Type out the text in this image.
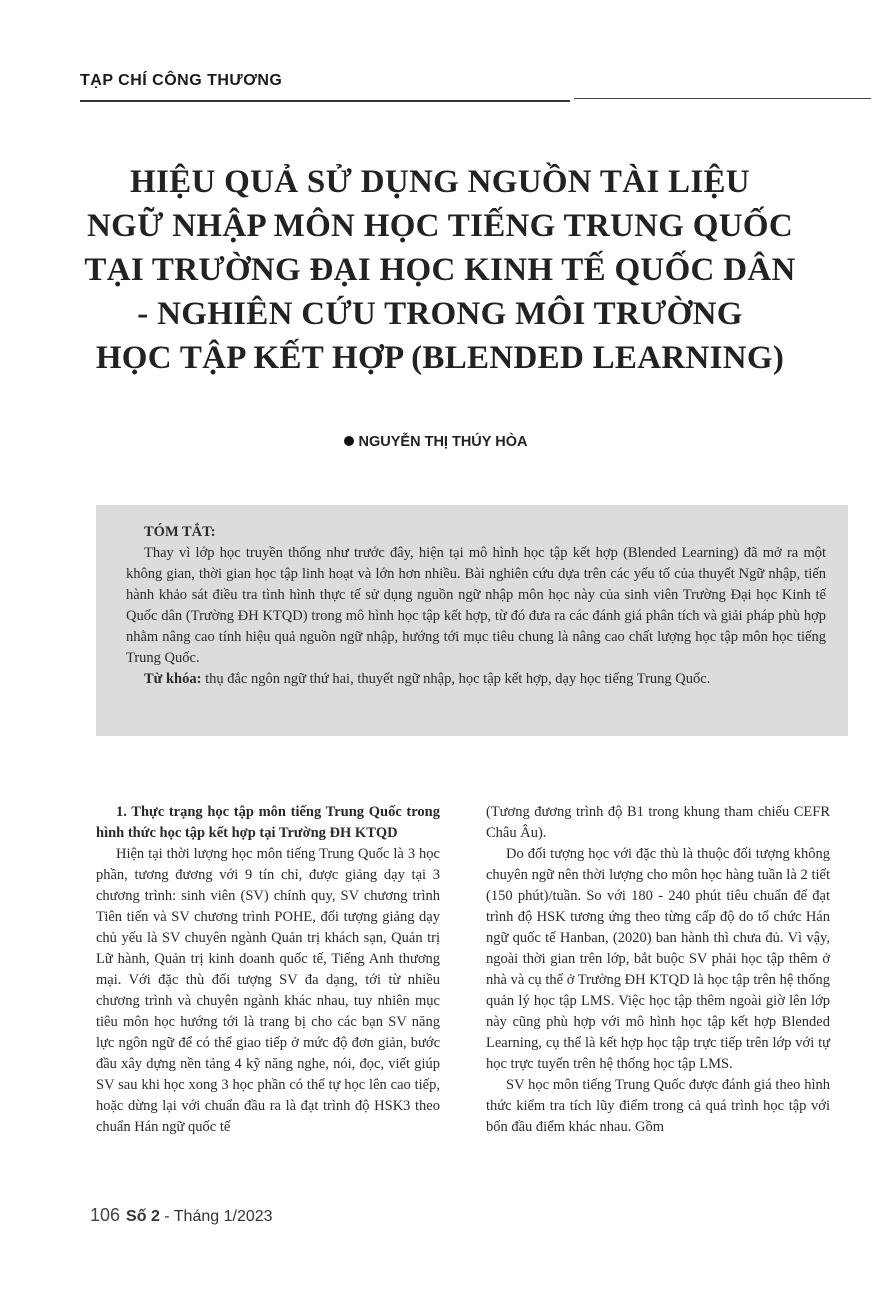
TẠP CHÍ CÔNG THƯƠNG
HIỆU QUẢ SỬ DỤNG NGUỒN TÀI LIỆU
NGỮ NHẬP MÔN HỌC TIẾNG TRUNG QUỐC
TẠI TRƯỜNG ĐẠI HỌC KINH TẾ QUỐC DÂN
- NGHIÊN CỨU TRONG MÔI TRƯỜNG
HỌC TẬP KẾT HỢP (BLENDED LEARNING)
NGUYỄN THỊ THÚY HÒA
TÓM TẮT:
Thay vì lớp học truyền thống như trước đây, hiện tại mô hình học tập kết hợp (Blended Learning) đã mở ra một không gian, thời gian học tập linh hoạt và lớn hơn nhiều. Bài nghiên cứu dựa trên các yếu tố của thuyết Ngữ nhập, tiến hành khảo sát điều tra tình hình thực tế sử dụng nguồn ngữ nhập môn học này của sinh viên Trường Đại học Kinh tế Quốc dân (Trường ĐH KTQD) trong mô hình học tập kết hợp, từ đó đưa ra các đánh giá phân tích và giải pháp phù hợp nhằm nâng cao tính hiệu quả nguồn ngữ nhập, hướng tới mục tiêu chung là nâng cao chất lượng học tập môn học tiếng Trung Quốc.
Từ khóa: thụ đắc ngôn ngữ thứ hai, thuyết ngữ nhập, học tập kết hợp, dạy học tiếng Trung Quốc.

1. Thực trạng học tập môn tiếng Trung Quốc trong hình thức học tập kết hợp tại Trường ĐH KTQD

Hiện tại thời lượng học môn tiếng Trung Quốc là 3 học phần, tương đương với 9 tín chỉ, được giảng dạy tại 3 chương trình: sinh viên (SV) chính quy, SV chương trình Tiên tiến và SV chương trình POHE, đối tượng giảng dạy chủ yếu là SV chuyên ngành Quản trị khách sạn, Quản trị Lữ hành, Quản trị kinh doanh quốc tế, Tiếng Anh thương mại. Với đặc thù đối tượng SV đa dạng, tới từ nhiều chương trình và chuyên ngành khác nhau, tuy nhiên mục tiêu môn học hướng tới là trang bị cho các bạn SV năng lực ngôn ngữ để có thể giao tiếp ở mức độ đơn giản, bước đầu xây dựng nền tảng 4 kỹ năng nghe, nói, đọc, viết giúp SV sau khi học xong 3 học phần có thể tự học lên cao tiếp, hoặc dừng lại với chuẩn đầu ra là đạt trình độ HSK3 theo chuẩn Hán ngữ quốc tế

(Tương đương trình độ B1 trong khung tham chiếu CEFR Châu Âu).

Do đối tượng học với đặc thù là thuộc đối tượng không chuyên ngữ nên thời lượng cho môn học hàng tuần là 2 tiết (150 phút)/tuần. So với 180 - 240 phút tiêu chuẩn để đạt trình độ HSK tương ứng theo từng cấp độ do tổ chức Hán ngữ quốc tế Hanban, (2020) ban hành thì chưa đủ. Vì vậy, ngoài thời gian trên lớp, bắt buộc SV phải học tập thêm ở nhà và cụ thể ở Trường ĐH KTQD là học tập trên hệ thống quản lý học tập LMS. Việc học tập thêm ngoài giờ lên lớp này cũng phù hợp với mô hình học tập kết hợp Blended Learning, cụ thể là kết hợp học tập trực tiếp trên lớp với tự học trực tuyến trên hệ thống học tập LMS.

SV học môn tiếng Trung Quốc được đánh giá theo hình thức kiểm tra tích lũy điểm trong cả quá trình học tập với bốn đầu điểm khác nhau. Gồm

106 Số 2 - Tháng 1/2023
